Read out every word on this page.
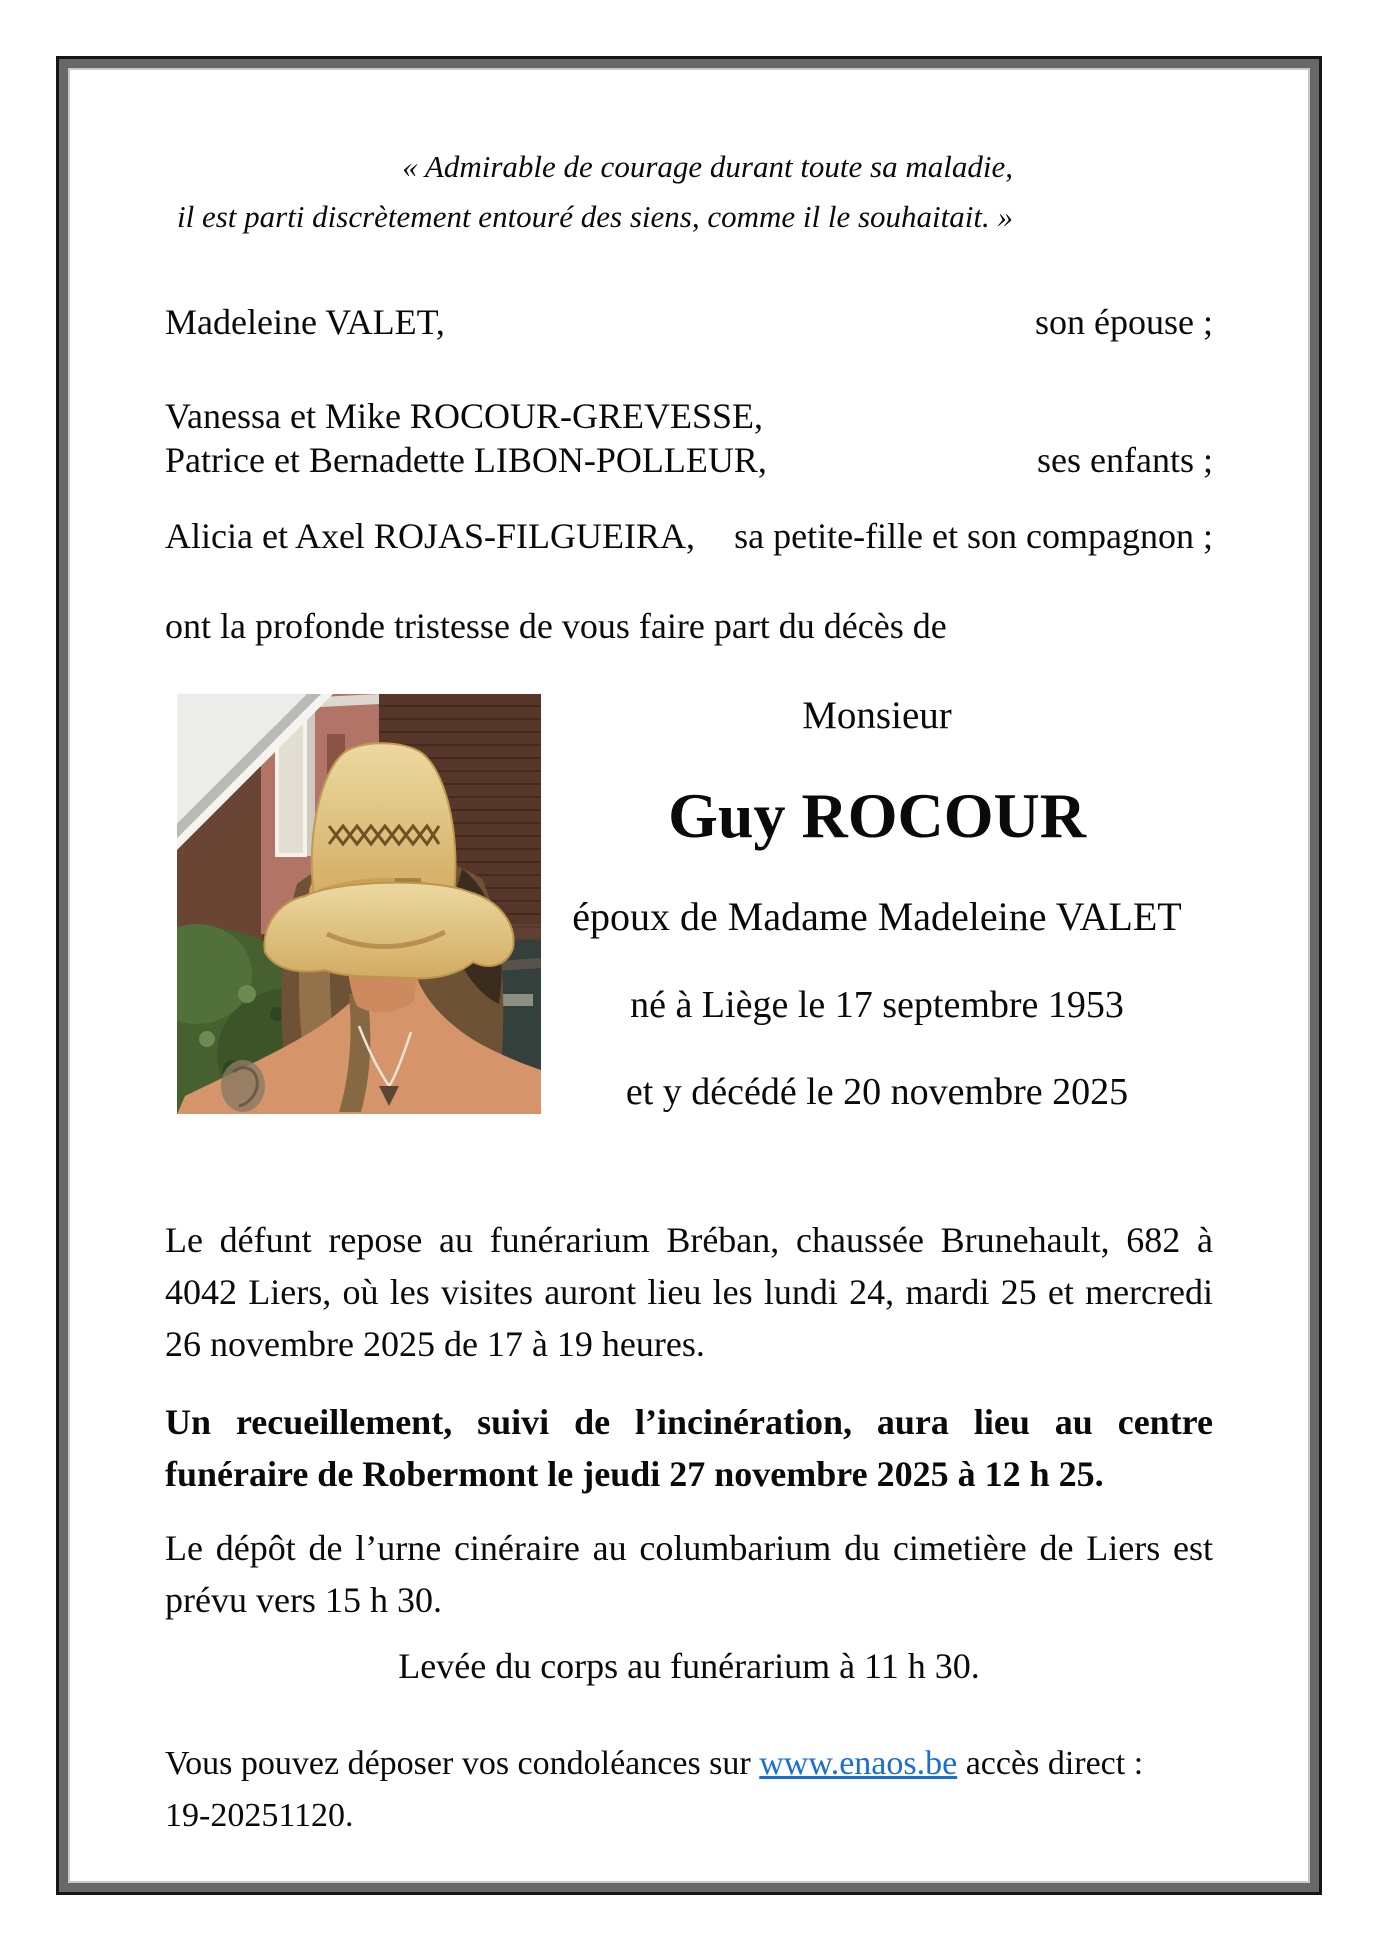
« Admirable de courage durant toute sa maladie,
il est parti discrètement entouré des siens, comme il le souhaitait. »
Madeleine VALET,	son épouse ;
Vanessa et Mike ROCOUR-GREVESSE,
Patrice et Bernadette LIBON-POLLEUR,	ses enfants ;
Alicia et Axel ROJAS-FILGUEIRA, sa petite-fille et son compagnon ;
ont la profonde tristesse de vous faire part du décès de
Monsieur
Guy ROCOUR
époux de Madame Madeleine VALET
né à Liège le 17 septembre 1953
et y décédé le 20 novembre 2025
Le défunt repose au funérarium Bréban, chaussée Brunehault, 682 à 4042 Liers, où les visites auront lieu les lundi 24, mardi 25 et mercredi 26 novembre 2025 de 17 à 19 heures.
Un recueillement, suivi de l’incinération, aura lieu au centre funéraire de Robermont le jeudi 27 novembre 2025 à 12 h 25.
Le dépôt de l’urne cinéraire au columbarium du cimetière de Liers est prévu vers 15 h 30.
Levée du corps au funérarium à 11 h 30.
Vous pouvez déposer vos condoléances sur www.enaos.be accès direct :
19-20251120.
